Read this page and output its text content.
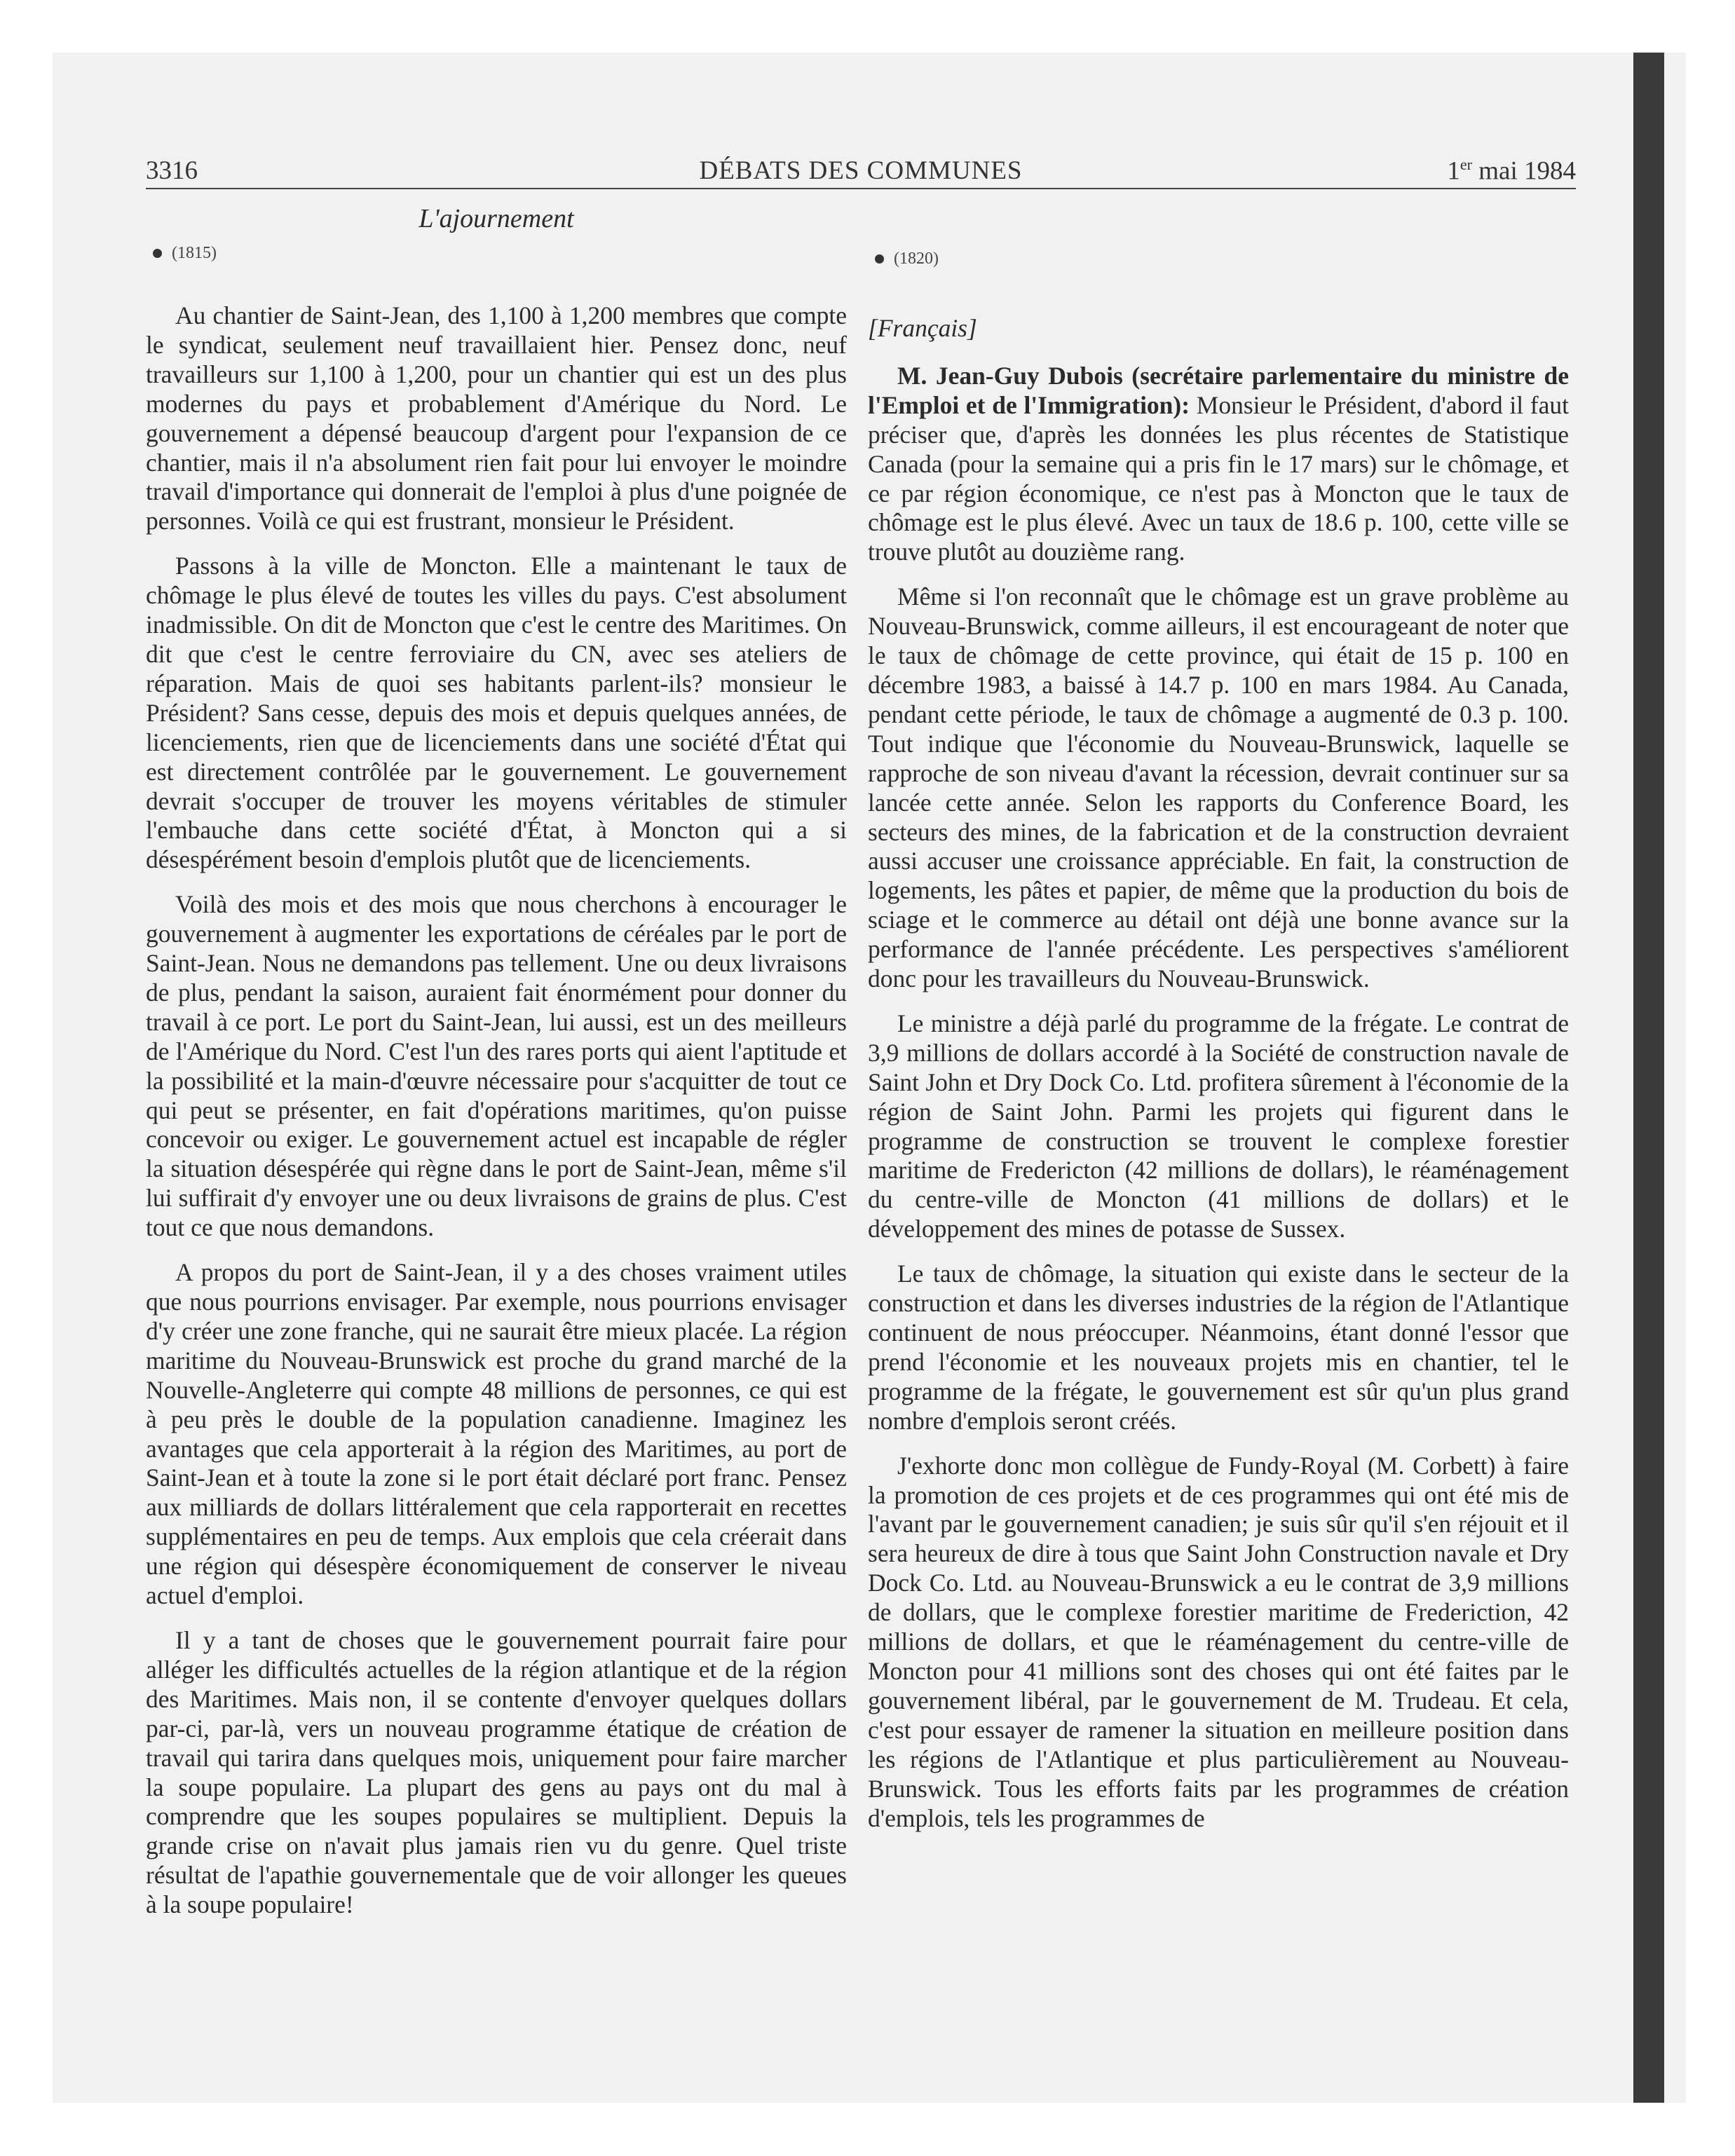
3316	DÉBATS DES COMMUNES	1er mai 1984
L'ajournement
(1815)	(1820)

Au chantier de Saint-Jean, des 1,100 à 1,200 membres que compte le syndicat, seulement neuf travaillaient hier. Pensez donc, neuf travailleurs sur 1,100 à 1,200, pour un chantier qui est un des plus modernes du pays et probablement d'Amérique du Nord. Le gouvernement a dépensé beaucoup d'argent pour l'expansion de ce chantier, mais il n'a absolument rien fait pour lui envoyer le moindre travail d'importance qui donnerait de l'emploi à plus d'une poignée de personnes. Voilà ce qui est frustrant, monsieur le Président.

Passons à la ville de Moncton. Elle a maintenant le taux de chômage le plus élevé de toutes les villes du pays. C'est absolument inadmissible. On dit de Moncton que c'est le centre des Maritimes. On dit que c'est le centre ferroviaire du CN, avec ses ateliers de réparation. Mais de quoi ses habitants parlent-ils? monsieur le Président? Sans cesse, depuis des mois et depuis quelques années, de licenciements, rien que de licenciements dans une société d'État qui est directement contrôlée par le gouvernement. Le gouvernement devrait s'occuper de trouver les moyens véritables de stimuler l'embauche dans cette société d'État, à Moncton qui a si désespérément besoin d'emplois plutôt que de licenciements.

Voilà des mois et des mois que nous cherchons à encourager le gouvernement à augmenter les exportations de céréales par le port de Saint-Jean. Nous ne demandons pas tellement. Une ou deux livraisons de plus, pendant la saison, auraient fait énormément pour donner du travail à ce port. Le port du Saint-Jean, lui aussi, est un des meilleurs de l'Amérique du Nord. C'est l'un des rares ports qui aient l'aptitude et la possibilité et la main-d'œuvre nécessaire pour s'acquitter de tout ce qui peut se présenter, en fait d'opérations maritimes, qu'on puisse concevoir ou exiger. Le gouvernement actuel est incapable de régler la situation désespérée qui règne dans le port de Saint-Jean, même s'il lui suffirait d'y envoyer une ou deux livraisons de grains de plus. C'est tout ce que nous demandons.

A propos du port de Saint-Jean, il y a des choses vraiment utiles que nous pourrions envisager. Par exemple, nous pourrions envisager d'y créer une zone franche, qui ne saurait être mieux placée. La région maritime du Nouveau-Brunswick est proche du grand marché de la Nouvelle-Angleterre qui compte 48 millions de personnes, ce qui est à peu près le double de la population canadienne. Imaginez les avantages que cela apporterait à la région des Maritimes, au port de Saint-Jean et à toute la zone si le port était déclaré port franc. Pensez aux milliards de dollars littéralement que cela rapporterait en recettes supplémentaires en peu de temps. Aux emplois que cela créerait dans une région qui désespère économiquement de conserver le niveau actuel d'emploi.

Il y a tant de choses que le gouvernement pourrait faire pour alléger les difficultés actuelles de la région atlantique et de la région des Maritimes. Mais non, il se contente d'envoyer quelques dollars par-ci, par-là, vers un nouveau programme étatique de création de travail qui tarira dans quelques mois, uniquement pour faire marcher la soupe populaire. La plupart des gens au pays ont du mal à comprendre que les soupes populaires se multiplient. Depuis la grande crise on n'avait plus jamais rien vu du genre. Quel triste résultat de l'apathie gouvernementale que de voir allonger les queues à la soupe populaire!

[Français]

M. Jean-Guy Dubois (secrétaire parlementaire du ministre de l'Emploi et de l'Immigration): Monsieur le Président, d'abord il faut préciser que, d'après les données les plus récentes de Statistique Canada (pour la semaine qui a pris fin le 17 mars) sur le chômage, et ce par région économique, ce n'est pas à Moncton que le taux de chômage est le plus élevé. Avec un taux de 18.6 p. 100, cette ville se trouve plutôt au douzième rang.

Même si l'on reconnaît que le chômage est un grave problème au Nouveau-Brunswick, comme ailleurs, il est encourageant de noter que le taux de chômage de cette province, qui était de 15 p. 100 en décembre 1983, a baissé à 14.7 p. 100 en mars 1984. Au Canada, pendant cette période, le taux de chômage a augmenté de 0.3 p. 100. Tout indique que l'économie du Nouveau-Brunswick, laquelle se rapproche de son niveau d'avant la récession, devrait continuer sur sa lancée cette année. Selon les rapports du Conference Board, les secteurs des mines, de la fabrication et de la construction devraient aussi accuser une croissance appréciable. En fait, la construction de logements, les pâtes et papier, de même que la production du bois de sciage et le commerce au détail ont déjà une bonne avance sur la performance de l'année précédente. Les perspectives s'améliorent donc pour les travailleurs du Nouveau-Brunswick.

Le ministre a déjà parlé du programme de la frégate. Le contrat de 3,9 millions de dollars accordé à la Société de construction navale de Saint John et Dry Dock Co. Ltd. profitera sûrement à l'économie de la région de Saint John. Parmi les projets qui figurent dans le programme de construction se trouvent le complexe forestier maritime de Fredericton (42 millions de dollars), le réaménagement du centre-ville de Moncton (41 millions de dollars) et le développement des mines de potasse de Sussex.

Le taux de chômage, la situation qui existe dans le secteur de la construction et dans les diverses industries de la région de l'Atlantique continuent de nous préoccuper. Néanmoins, étant donné l'essor que prend l'économie et les nouveaux projets mis en chantier, tel le programme de la frégate, le gouvernement est sûr qu'un plus grand nombre d'emplois seront créés.

J'exhorte donc mon collègue de Fundy-Royal (M. Corbett) à faire la promotion de ces projets et de ces programmes qui ont été mis de l'avant par le gouvernement canadien; je suis sûr qu'il s'en réjouit et il sera heureux de dire à tous que Saint John Construction navale et Dry Dock Co. Ltd. au Nouveau-Brunswick a eu le contrat de 3,9 millions de dollars, que le complexe forestier maritime de Frederiction, 42 millions de dollars, et que le réaménagement du centre-ville de Moncton pour 41 millions sont des choses qui ont été faites par le gouvernement libéral, par le gouvernement de M. Trudeau. Et cela, c'est pour essayer de ramener la situation en meilleure position dans les régions de l'Atlantique et plus particulièrement au Nouveau-Brunswick. Tous les efforts faits par les programmes de création d'emplois, tels les programmes de
